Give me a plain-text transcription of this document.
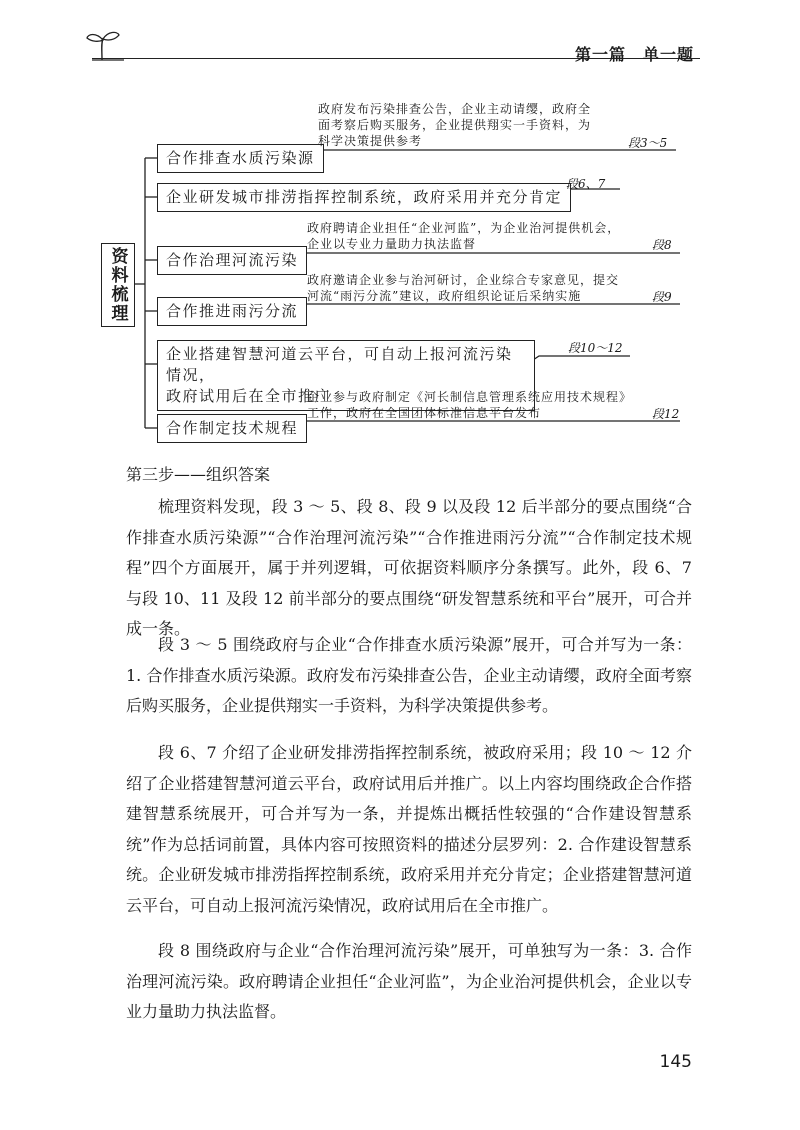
第一篇　单一题
资料梳理
合作排查水质污染源
政府发布污染排查公告，企业主动请缨，政府全
面考察后购买服务，企业提供翔实一手资料，为
科学决策提供参考	段3～5
企业研发城市排涝指挥控制系统，政府采用并充分肯定
段6、7
合作治理河流污染
政府聘请企业担任“企业河监”，为企业治河提供机会，
企业以专业力量助力执法监督	段8
合作推进雨污分流
政府邀请企业参与治河研讨，企业综合专家意见，提交
河流“雨污分流”建议，政府组织论证后采纳实施	段9
企业搭建智慧河道云平台，可自动上报河流污染情况，
政府试用后在全市推广
段10～12
合作制定技术规程
企业参与政府制定《河长制信息管理系统应用技术规程》
工作，政府在全国团体标准信息平台发布	段12
第三步——组织答案

梳理资料发现，段 3 ～ 5、段 8、段 9 以及段 12 后半部分的要点围绕“合作排查水质污染源”“合作治理河流污染”“合作推进雨污分流”“合作制定技术规程”四个方面展开，属于并列逻辑，可依据资料顺序分条撰写。此外，段 6、7 与段 10、11 及段 12 前半部分的要点围绕“研发智慧系统和平台”展开，可合并成一条。

段 3 ～ 5 围绕政府与企业“合作排查水质污染源”展开，可合并写为一条：1. 合作排查水质污染源。政府发布污染排查公告，企业主动请缨，政府全面考察后购买服务，企业提供翔实一手资料，为科学决策提供参考。

段 6、7 介绍了企业研发排涝指挥控制系统，被政府采用；段 10 ～ 12 介绍了企业搭建智慧河道云平台，政府试用后并推广。以上内容均围绕政企合作搭建智慧系统展开，可合并写为一条，并提炼出概括性较强的“合作建设智慧系统”作为总括词前置，具体内容可按照资料的描述分层罗列：2. 合作建设智慧系统。企业研发城市排涝指挥控制系统，政府采用并充分肯定；企业搭建智慧河道云平台，可自动上报河流污染情况，政府试用后在全市推广。

段 8 围绕政府与企业“合作治理河流污染”展开，可单独写为一条：3. 合作治理河流污染。政府聘请企业担任“企业河监”，为企业治河提供机会，企业以专业力量助力执法监督。

145
